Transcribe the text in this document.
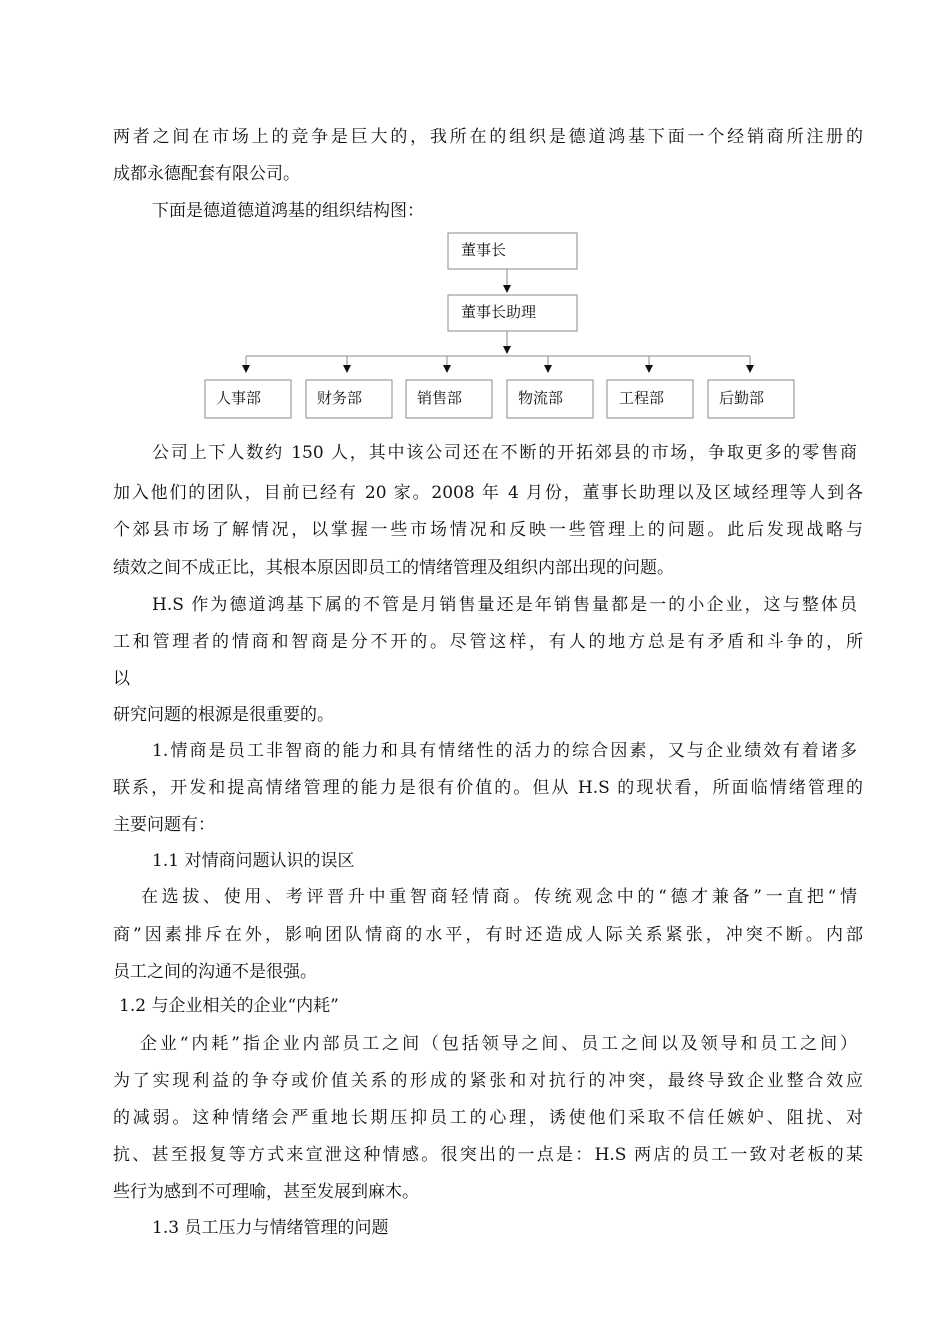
两者之间在市场上的竞争是巨大的，我所在的组织是德道鸿基下面一个经销商所注册的
成都永德配套有限公司。
下面是德道德道鸿基的组织结构图：
董事长
董事长助理
人事部	财务部	销售部	物流部	工程部	后勤部
公司上下人数约 150 人，其中该公司还在不断的开拓郊县的市场，争取更多的零售商
加入他们的团队，目前已经有 20 家。2008 年 4 月份，董事长助理以及区域经理等人到各
个郊县市场了解情况，以掌握一些市场情况和反映一些管理上的问题。此后发现战略与
绩效之间不成正比，其根本原因即员工的情绪管理及组织内部出现的问题。
H.S 作为德道鸿基下属的不管是月销售量还是年销售量都是一的小企业，这与整体员
工和管理者的情商和智商是分不开的。尽管这样，有人的地方总是有矛盾和斗争的，所
以
研究问题的根源是很重要的。
1.情商是员工非智商的能力和具有情绪性的活力的综合因素，又与企业绩效有着诸多
联系，开发和提高情绪管理的能力是很有价值的。但从 H.S 的现状看，所面临情绪管理的
主要问题有：
1.1 对情商问题认识的误区
在选拔、使用、考评晋升中重智商轻情商。传统观念中的“德才兼备”一直把“情
商”因素排斥在外，影响团队情商的水平，有时还造成人际关系紧张，冲突不断。内部
员工之间的沟通不是很强。
1.2 与企业相关的企业“内耗”
企业“内耗”指企业内部员工之间（包括领导之间、员工之间以及领导和员工之间）
为了实现利益的争夺或价值关系的形成的紧张和对抗行的冲突，最终导致企业整合效应
的减弱。这种情绪会严重地长期压抑员工的心理，诱使他们采取不信任嫉妒、阻扰、对
抗、甚至报复等方式来宣泄这种情感。很突出的一点是：H.S 两店的员工一致对老板的某
些行为感到不可理喻，甚至发展到麻木。
1.3 员工压力与情绪管理的问题
